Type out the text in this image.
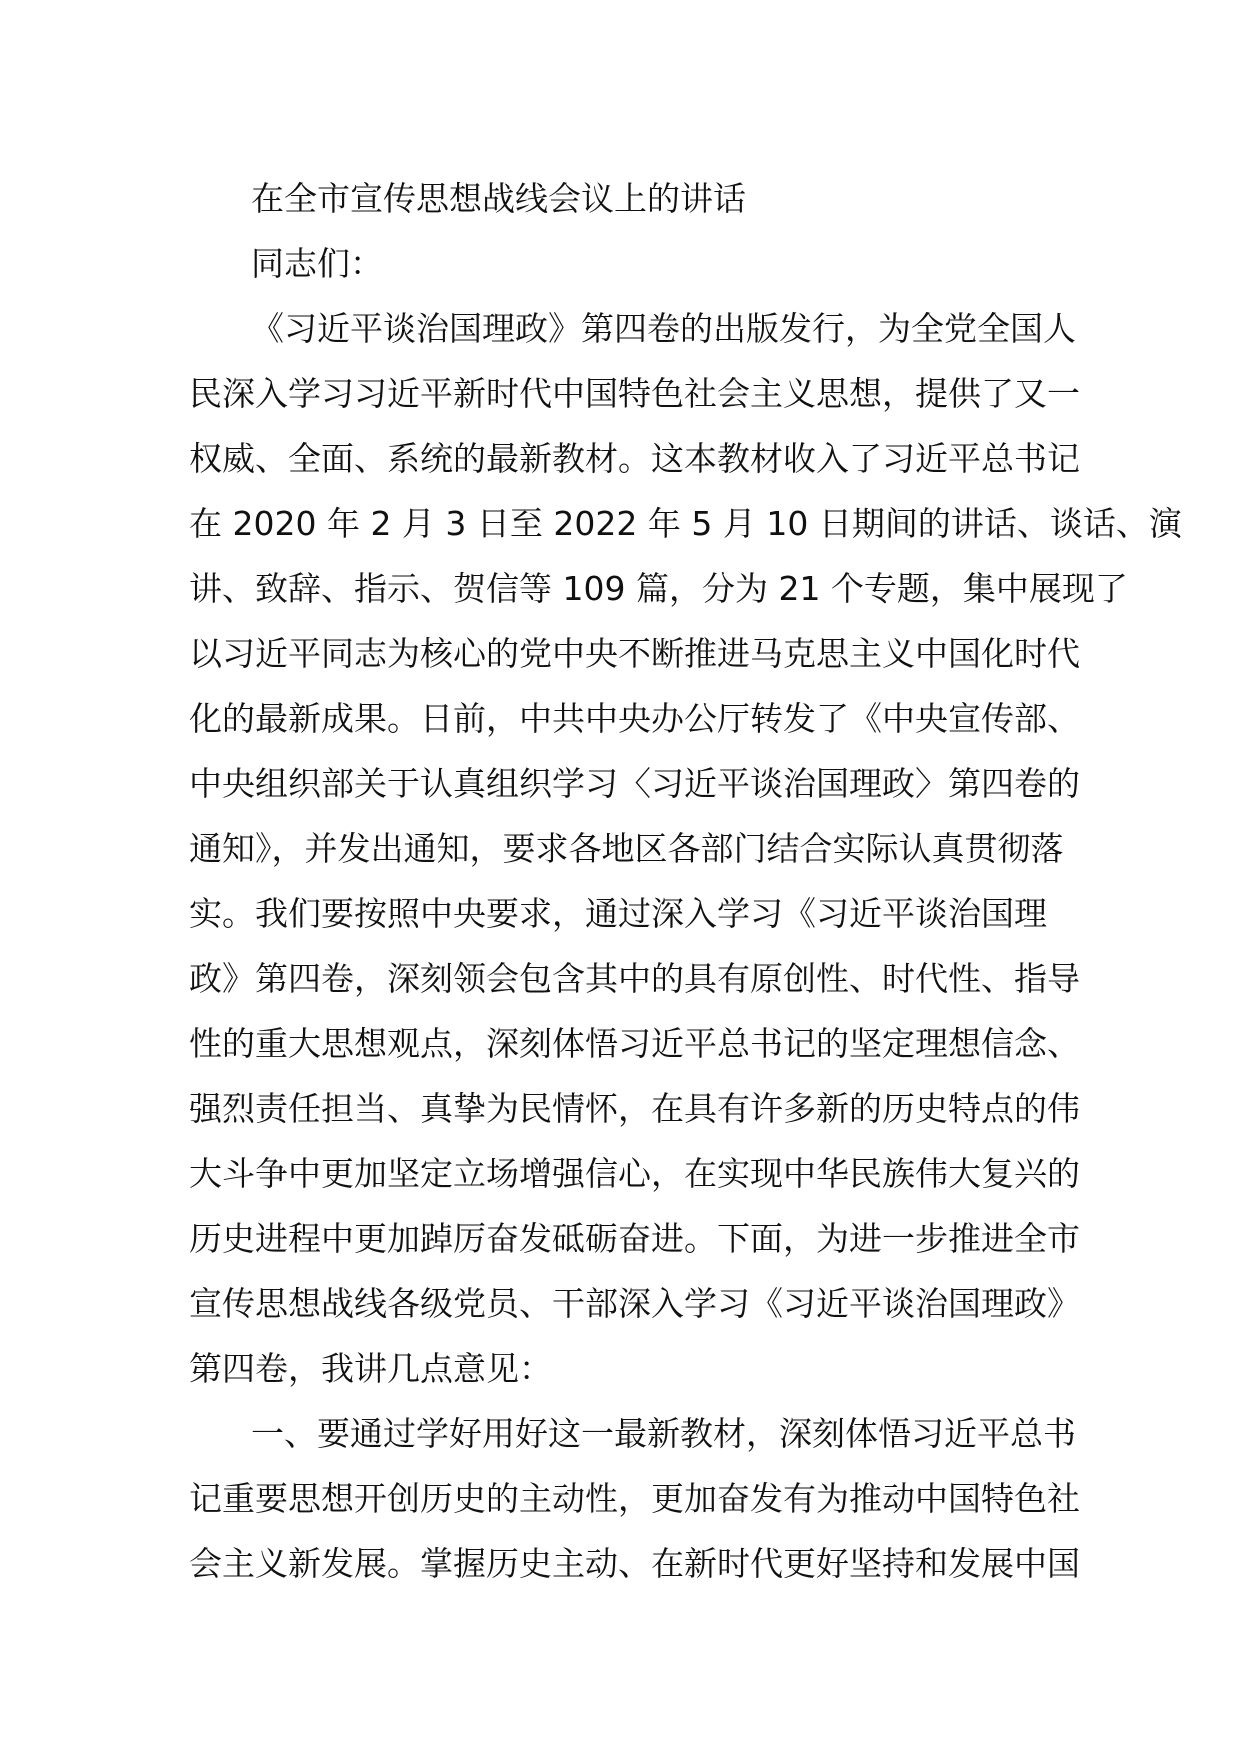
在全市宣传思想战线会议上的讲话
同志们：
《习近平谈治国理政》第四卷的出版发行，为全党全国人
民深入学习习近平新时代中国特色社会主义思想，提供了又一
权威、全面、系统的最新教材。这本教材收入了习近平总书记
在 2020 年 2 月 3 日至 2022 年 5 月 10 日期间的讲话、谈话、演
讲、致辞、指示、贺信等 109 篇，分为 21 个专题，集中展现了
以习近平同志为核心的党中央不断推进马克思主义中国化时代
化的最新成果。日前，中共中央办公厅转发了《中央宣传部、
中央组织部关于认真组织学习〈习近平谈治国理政〉第四卷的
通知》，并发出通知，要求各地区各部门结合实际认真贯彻落
实。我们要按照中央要求，通过深入学习《习近平谈治国理
政》第四卷，深刻领会包含其中的具有原创性、时代性、指导
性的重大思想观点，深刻体悟习近平总书记的坚定理想信念、
强烈责任担当、真挚为民情怀，在具有许多新的历史特点的伟
大斗争中更加坚定立场增强信心，在实现中华民族伟大复兴的
历史进程中更加踔厉奋发砥砺奋进。下面，为进一步推进全市
宣传思想战线各级党员、干部深入学习《习近平谈治国理政》
第四卷，我讲几点意见：
一、要通过学好用好这一最新教材，深刻体悟习近平总书
记重要思想开创历史的主动性，更加奋发有为推动中国特色社
会主义新发展。掌握历史主动、在新时代更好坚持和发展中国
